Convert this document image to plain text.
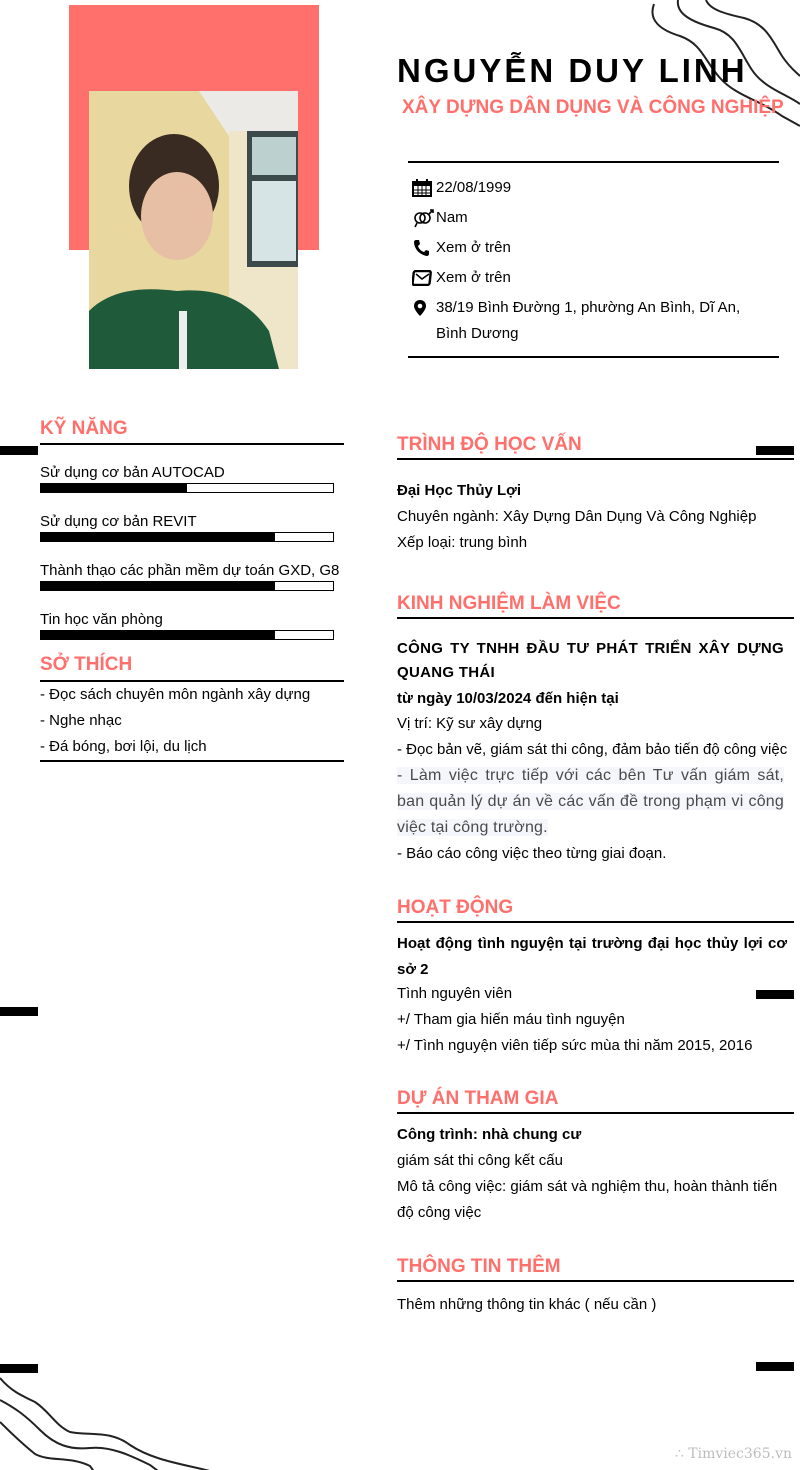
NGUYỄN DUY LINH
XÂY DỰNG DÂN DỤNG VÀ CÔNG NGHIỆP
22/08/1999
Nam
Xem ở trên
Xem ở trên
38/19 Bình Đường 1, phường An Bình, Dĩ An,
Bình Dương
KỸ NĂNG
Sử dụng cơ bản AUTOCAD
Sử dụng cơ bản REVIT
Thành thạo các phần mềm dự toán GXD, G8
Tin học văn phòng
SỞ THÍCH
- Đọc sách chuyên môn ngành xây dựng
- Nghe nhạc
- Đá bóng, bơi lội, du lịch
TRÌNH ĐỘ HỌC VẤN
Đại Học Thủy Lợi
Chuyên ngành: Xây Dựng Dân Dụng Và Công Nghiệp
Xếp loại: trung bình
KINH NGHIỆM LÀM VIỆC
CÔNG TY TNHH ĐẦU TƯ PHÁT TRIỂN XÂY DỰNG QUANG THÁI
từ ngày 10/03/2024 đến hiện tại
Vị trí: Kỹ sư xây dựng
- Đọc bản vẽ, giám sát thi công, đảm bảo tiến độ công việc
- Làm việc trực tiếp với các bên Tư vấn giám sát, ban quản lý dự án về các vấn đề trong phạm vi công việc tại công trường.
- Báo cáo công việc theo từng giai đoạn.
HOẠT ĐỘNG
Hoạt động tình nguyện tại trường đại học thủy lợi cơ sở 2
Tình nguyên viên
+/ Tham gia hiến máu tình nguyện
+/ Tình nguyện viên tiếp sức mùa thi năm 2015, 2016
DỰ ÁN THAM GIA
Công trình: nhà chung cư
giám sát thi công kết cấu
Mô tả công việc: giám sát và nghiệm thu, hoàn thành tiến độ công việc
THÔNG TIN THÊM
Thêm những thông tin khác ( nếu cần )
∴ Timviec365.vn
